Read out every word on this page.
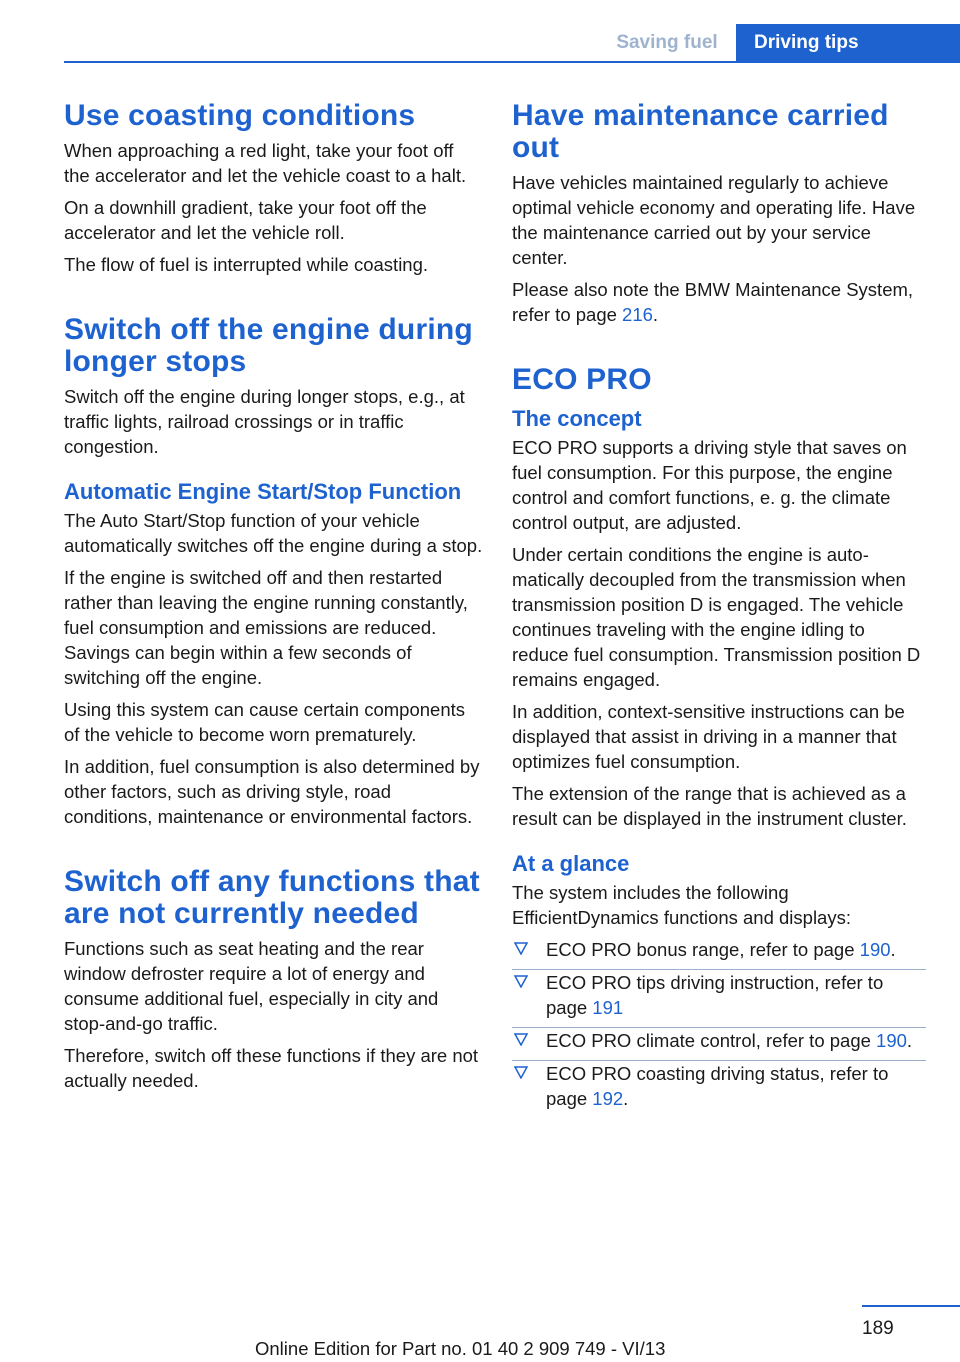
Saving fuel	Driving tips
Use coasting conditions

When approaching a red light, take your foot off the accelerator and let the vehicle coast to a halt.

On a downhill gradient, take your foot off the accelerator and let the vehicle roll.

The flow of fuel is interrupted while coasting.

Switch off the engine during longer stops

Switch off the engine during longer stops, e.g., at traffic lights, railroad crossings or in traffic congestion.

Automatic Engine Start/Stop Function

The Auto Start/Stop function of your vehicle automatically switches off the engine during a stop.

If the engine is switched off and then restarted rather than leaving the engine running constantly, fuel consumption and emissions are reduced. Savings can begin within a few seconds of switching off the engine.

Using this system can cause certain components of the vehicle to become worn prematurely.

In addition, fuel consumption is also determined by other factors, such as driving style, road conditions, maintenance or environmental factors.

Switch off any functions that are not currently needed

Functions such as seat heating and the rear window defroster require a lot of energy and consume additional fuel, especially in city and stop-and-go traffic.

Therefore, switch off these functions if they are not actually needed.

Have maintenance carried out

Have vehicles maintained regularly to achieve optimal vehicle economy and operating life. Have the maintenance carried out by your service center.

Please also note the BMW Maintenance System, refer to page 216.

ECO PRO
The concept

ECO PRO supports a driving style that saves on fuel consumption. For this purpose, the engine control and comfort functions, e. g. the climate control output, are adjusted.

Under certain conditions the engine is automatically decoupled from the transmission when transmission position D is engaged. The vehicle continues traveling with the engine idling to reduce fuel consumption. Transmission position D remains engaged.

In addition, context-sensitive instructions can be displayed that assist in driving in a manner that optimizes fuel consumption.

The extension of the range that is achieved as a result can be displayed in the instrument cluster.

At a glance

The system includes the following EfficientDynamics functions and displays:

ECO PRO bonus range, refer to page 190.
ECO PRO tips driving instruction, refer to page 191
ECO PRO climate control, refer to page 190.
ECO PRO coasting driving status, refer to page 192.
189
Online Edition for Part no. 01 40 2 909 749 - VI/13
